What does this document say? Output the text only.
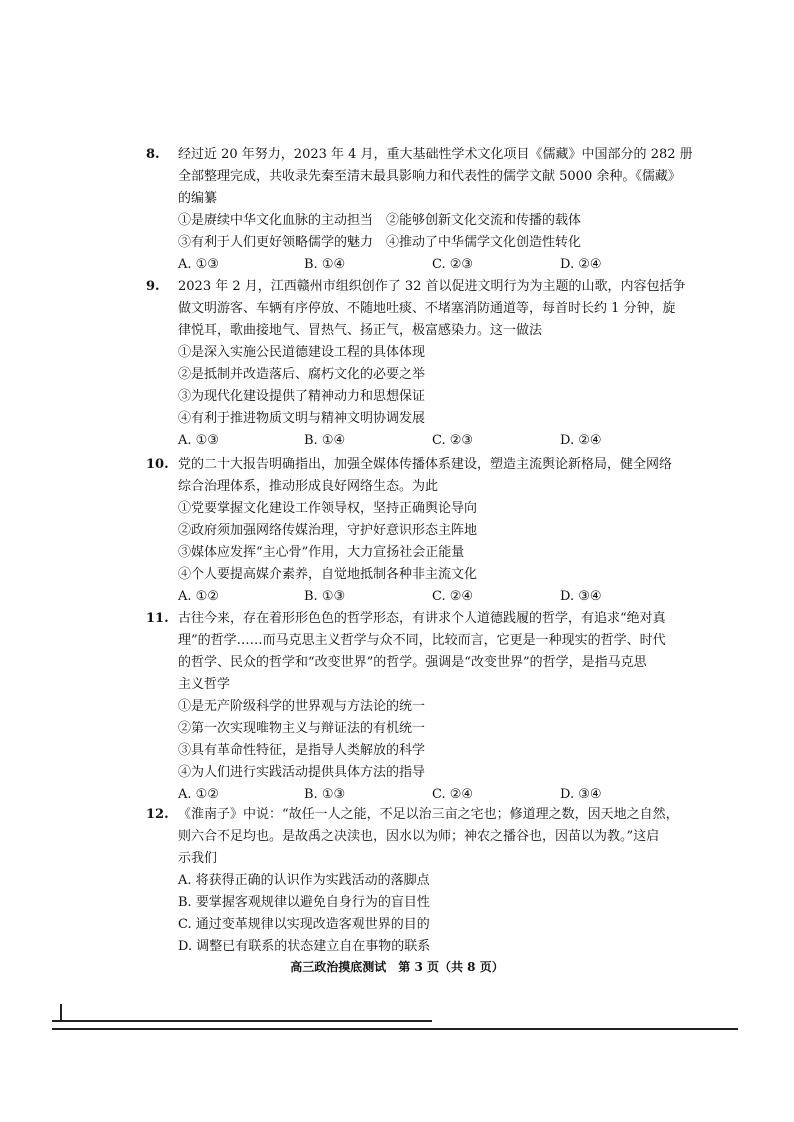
8. 经过近 20 年努力，2023 年 4 月，重大基础性学术文化项目《儒藏》中国部分的 282 册
全部整理完成，共收录先秦至清末最具影响力和代表性的儒学文献 5000 余种。《儒藏》
的编纂
①是赓续中华文化血脉的主动担当　②能够创新文化交流和传播的载体
③有利于人们更好领略儒学的魅力　④推动了中华儒学文化创造性转化
A. ①③	B. ①④	C. ②③	D. ②④
9. 2023 年 2 月，江西赣州市组织创作了 32 首以促进文明行为为主题的山歌，内容包括争
做文明游客、车辆有序停放、不随地吐痰、不堵塞消防通道等，每首时长约 1 分钟，旋
律悦耳，歌曲接地气、冒热气、扬正气，极富感染力。这一做法
①是深入实施公民道德建设工程的具体体现
②是抵制并改造落后、腐朽文化的必要之举
③为现代化建设提供了精神动力和思想保证
④有利于推进物质文明与精神文明协调发展
A. ①③	B. ①④	C. ②③	D. ②④
10. 党的二十大报告明确指出，加强全媒体传播体系建设，塑造主流舆论新格局，健全网络
综合治理体系，推动形成良好网络生态。为此
①党要掌握文化建设工作领导权，坚持正确舆论导向
②政府须加强网络传媒治理，守护好意识形态主阵地
③媒体应发挥“主心骨”作用，大力宣扬社会正能量
④个人要提高媒介素养，自觉地抵制各种非主流文化
A. ①②	B. ①③	C. ②④	D. ③④
11. 古往今来，存在着形形色色的哲学形态，有讲求个人道德践履的哲学，有追求“绝对真
理”的哲学……而马克思主义哲学与众不同，比较而言，它更是一种现实的哲学、时代
的哲学、民众的哲学和“改变世界”的哲学。强调是“改变世界”的哲学，是指马克思
主义哲学
①是无产阶级科学的世界观与方法论的统一
②第一次实现唯物主义与辩证法的有机统一
③具有革命性特征，是指导人类解放的科学
④为人们进行实践活动提供具体方法的指导
A. ①②	B. ①③	C. ②④	D. ③④
12. 《淮南子》中说：“故任一人之能，不足以治三亩之宅也；修道理之数，因天地之自然，
则六合不足均也。是故禹之决渎也，因水以为师；神农之播谷也，因苗以为教。”这启
示我们
A. 将获得正确的认识作为实践活动的落脚点
B. 要掌握客观规律以避免自身行为的盲目性
C. 通过变革规律以实现改造客观世界的目的
D. 调整已有联系的状态建立自在事物的联系
高三政治摸底测试　第 3 页（共 8 页）
